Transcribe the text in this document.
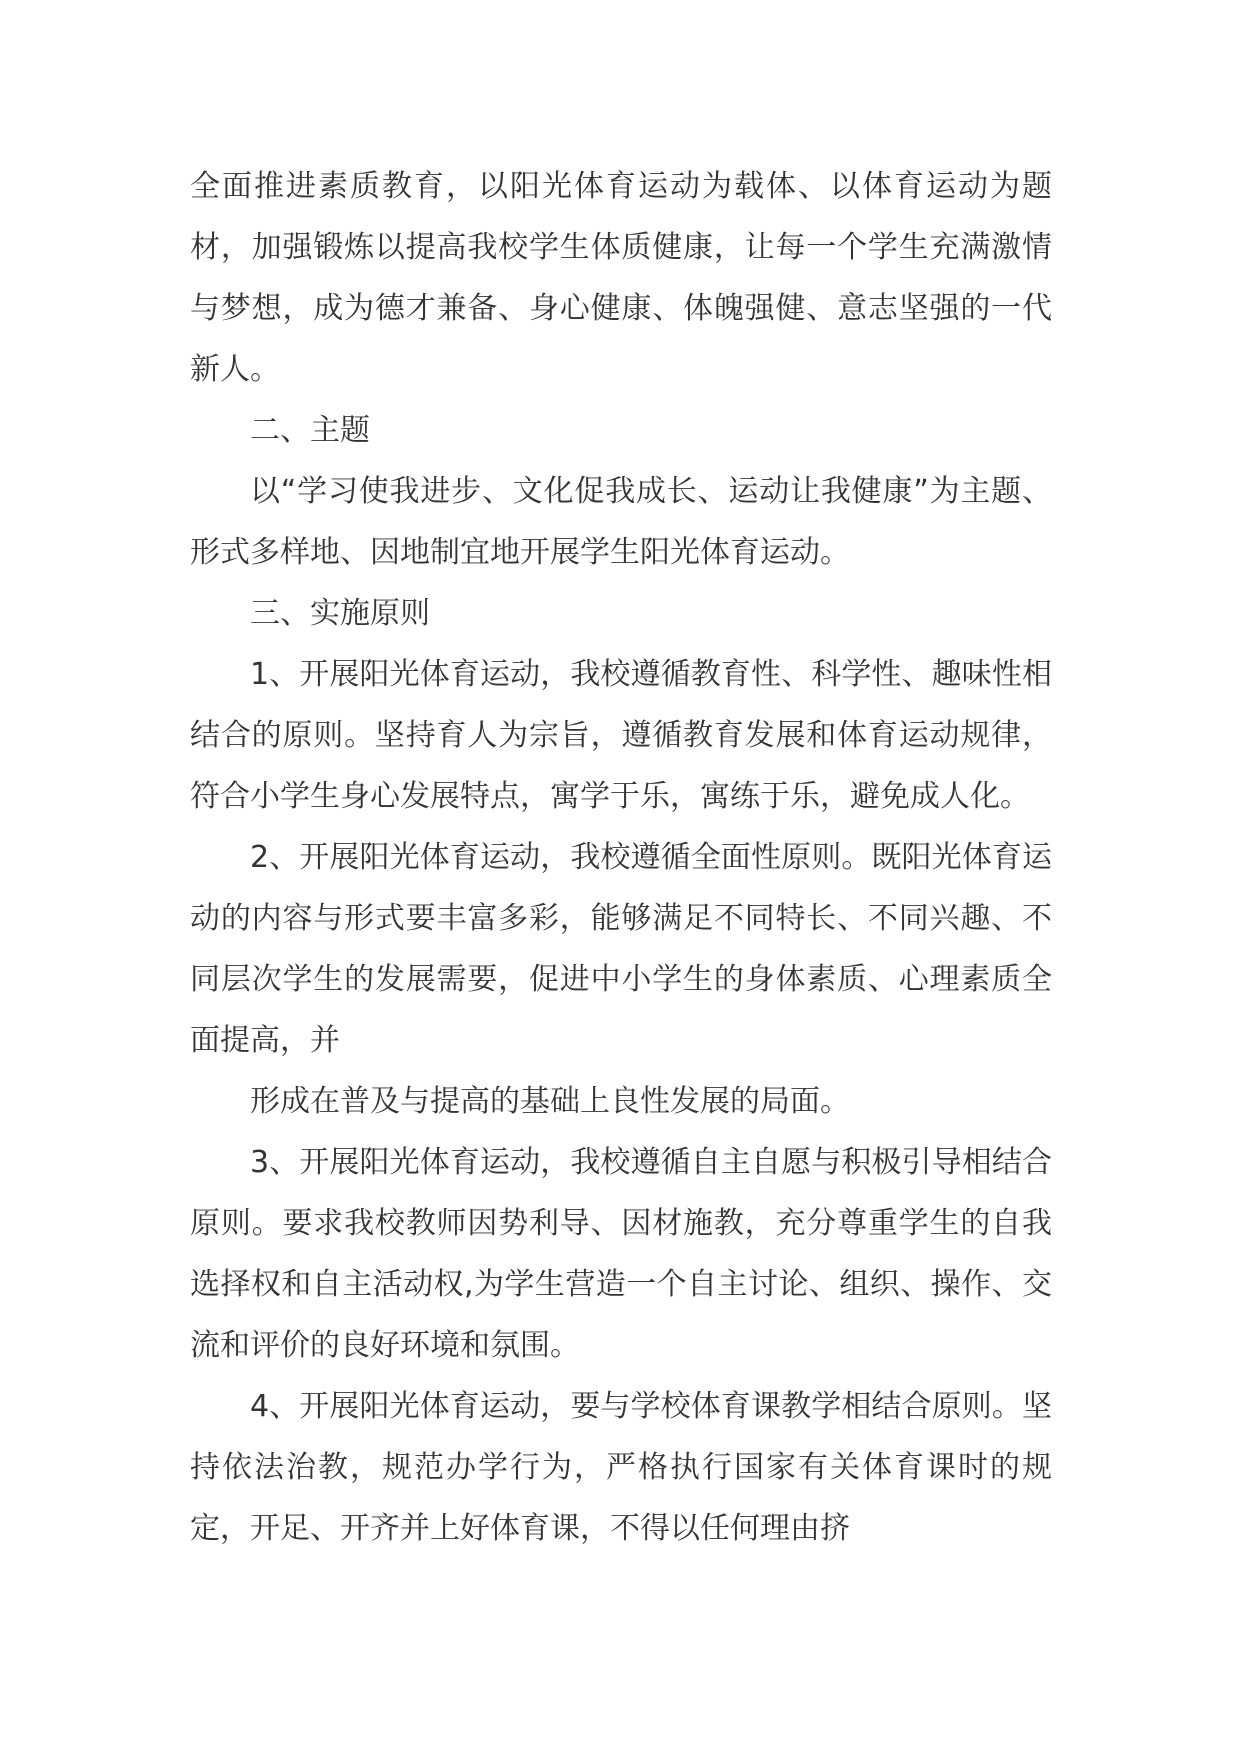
全面推进素质教育，以阳光体育运动为载体、以体育运动为题材，加强锻炼以提高我校学生体质健康，让每一个学生充满激情与梦想，成为德才兼备、身心健康、体魄强健、意志坚强的一代新人。

二、主题

以“学习使我进步、文化促我成长、运动让我健康”为主题、形式多样地、因地制宜地开展学生阳光体育运动。

三、实施原则

1、开展阳光体育运动，我校遵循教育性、科学性、趣味性相结合的原则。坚持育人为宗旨，遵循教育发展和体育运动规律，符合小学生身心发展特点，寓学于乐，寓练于乐，避免成人化。

2、开展阳光体育运动，我校遵循全面性原则。既阳光体育运动的内容与形式要丰富多彩，能够满足不同特长、不同兴趣、不同层次学生的发展需要，促进中小学生的身体素质、心理素质全面提高，并

形成在普及与提高的基础上良性发展的局面。

3、开展阳光体育运动，我校遵循自主自愿与积极引导相结合原则。要求我校教师因势利导、因材施教，充分尊重学生的自我选择权和自主活动权,为学生营造一个自主讨论、组织、操作、交流和评价的良好环境和氛围。

4、开展阳光体育运动，要与学校体育课教学相结合原则。坚持依法治教，规范办学行为，严格执行国家有关体育课时的规定，开足、开齐并上好体育课，不得以任何理由挤
